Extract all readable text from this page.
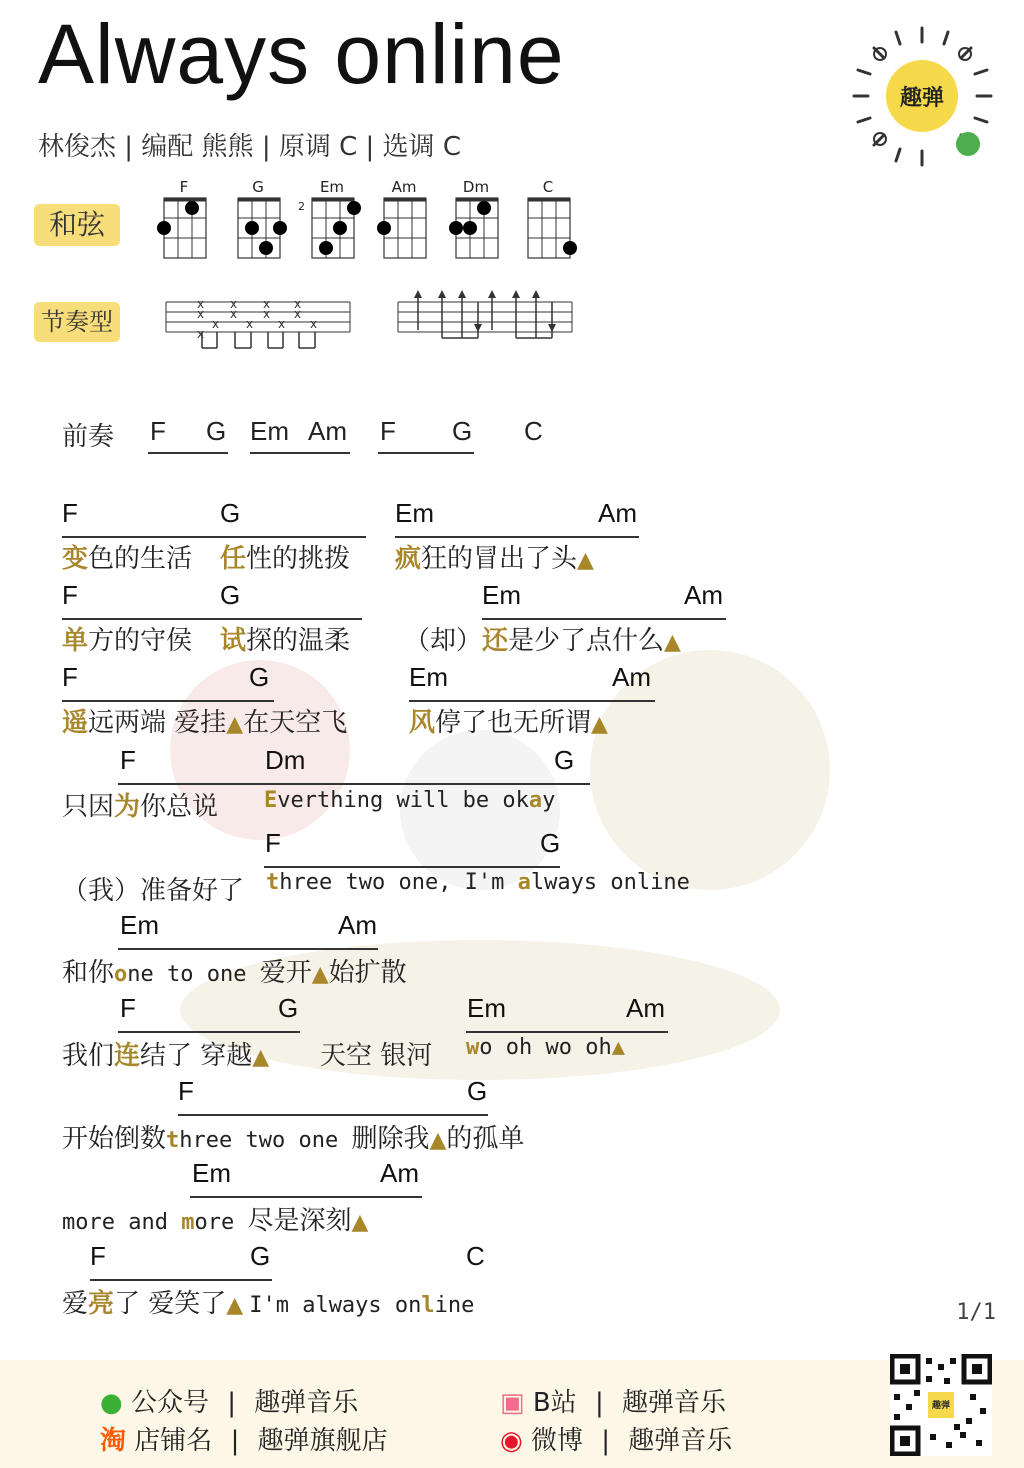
Always online
林俊杰 | 编配 熊熊 | 原调 C | 选调 C
趣弹
和弦
F	G	Em	Am	Dm	C
2
节奏型
x x x x
x x x x
x x x x
x
前奏 F G Em Am F G C
F	G	Em	Am
变色的生活 任性的挑拨 疯狂的冒出了头▲
F	G	Em	Am
单方的守侯 试探的温柔 （却）还是少了点什么▲
F	G	Em	Am
遥远两端 爱挂▲在天空飞 风停了也无所谓▲
F	Dm	G
只因为你总说 Everthing will be okay
F	G
（我）准备好了 three two one, I'm always online
Em	Am
和你one to one 爱开▲始扩散
F	G	Em	Am
我们连结了 穿越▲ 天空 银河 wo oh wo oh▲
F	G
开始倒数three two one 删除我▲的孤单
Em	Am
more and more 尽是深刻▲
F	G	C
爱亮了 爱笑了▲ I'm always online	1/1
● 公众号 | 趣弹音乐
淘 店铺名 | 趣弹旗舰店
▣ B站 | 趣弹音乐
◉ 微博 | 趣弹音乐
趣弹
